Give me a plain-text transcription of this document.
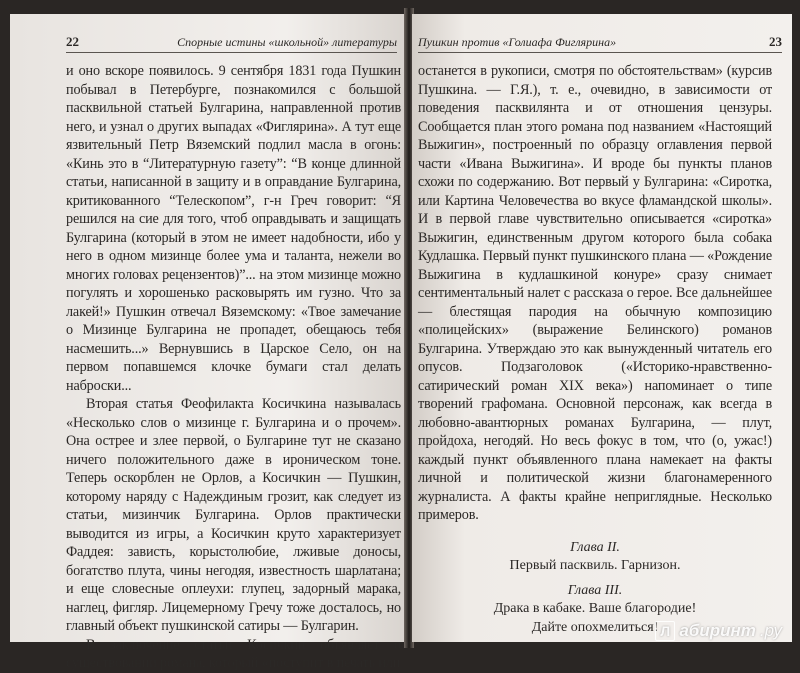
22	Спорные истины «школьной» литературы

и оно вскоре появилось. 9 сентября 1831 года Пушкин побывал в Петербурге, познакомился с большой пасквильной статьей Булгарина, направленной против него, и узнал о других выпадах «Фиглярина». А тут еще язвительный Петр Вяземский подлил масла в огонь: «Кинь это в “Литературную газету”: “В конце длинной статьи, написанной в защиту и в оправдание Булгарина, критикованного “Телескопом”, г-н Греч говорит: “Я решился на сие для того, чтоб оправдывать и защищать Булгарина (который в этом не имеет надобности, ибо у него в одном мизинце более ума и таланта, нежели во многих головах рецензентов)”... на этом мизинце можно погулять и хорошенько расковырять им гузно. Что за лакей!» Пушкин отвечал Вяземскому: «Твое замечание о Мизинце Булгарина не пропадет, обещаюсь тебя насмешить...» Вернувшись в Царское Село, он на первом попавшемся клочке бумаги стал делать наброски...

Вторая статья Феофилакта Косичкина называлась «Несколько слов о мизинце г. Булгарина и о прочем». Она острее и злее первой, о Булгарине тут не сказано ничего положительного даже в ироническом тоне. Теперь оскорблен не Орлов, а Косичкин — Пушкин, которому наряду с Надеждиным грозит, как следует из статьи, мизинчик Булгарина. Орлов практически выводится из игры, а Косичкин круто характеризует Фаддея: зависть, корыстолюбие, лживые доносы, богатство плута, чины негодяя, известность шарлатана; и еще словесные оплеухи: глупец, задорный марака, наглец, фигляр. Лицемерному Гречу тоже досталось, но главный объект пушкинской сатиры — Булгарин.

В заключение статьи Косичкин объявляет о существовании романа, который «поступит в печать или

Пушкин против «Голиафа Фиглярина»	23

останется в рукописи, смотря по обстоятельствам» (курсив Пушкина. — Г.Я.), т. е., очевидно, в зависимости от поведения пасквилянта и от отношения цензуры. Сообщается план этого романа под названием «Настоящий Выжигин», построенный по образцу оглавления первой части «Ивана Выжигина». И вроде бы пункты планов схожи по содержанию. Вот первый у Булгарина: «Сиротка, или Картина Человечества во вкусе фламандской школы». И в первой главе чувствительно описывается «сиротка» Выжигин, единственным другом которого была собака Кудлашка. Первый пункт пушкинского плана — «Рождение Выжигина в кудлашкиной конуре» сразу снимает сентиментальный налет с рассказа о герое. Все дальнейшее — блестящая пародия на обычную композицию «полицейских» (выражение Белинского) романов Булгарина. Утверждаю это как вынужденный читатель его опусов. Подзаголовок («Историко-нравственно-сатирический роман XIX века») напоминает о типе творений графомана. Основной персонаж, как всегда в любовно-авантюрных романах Булгарина, — плут, пройдоха, негодяй. Но весь фокус в том, что (о, ужас!) каждый пункт объявленного плана намекает на факты личной и политической жизни благонамеренного журналиста. А факты крайне неприглядные. Несколько примеров.

Глава II.
Первый пасквиль. Гарнизон.
Глава III.
Драка в кабаке. Ваше благородие!
Дайте опохмелиться! Л абиринт .ру
